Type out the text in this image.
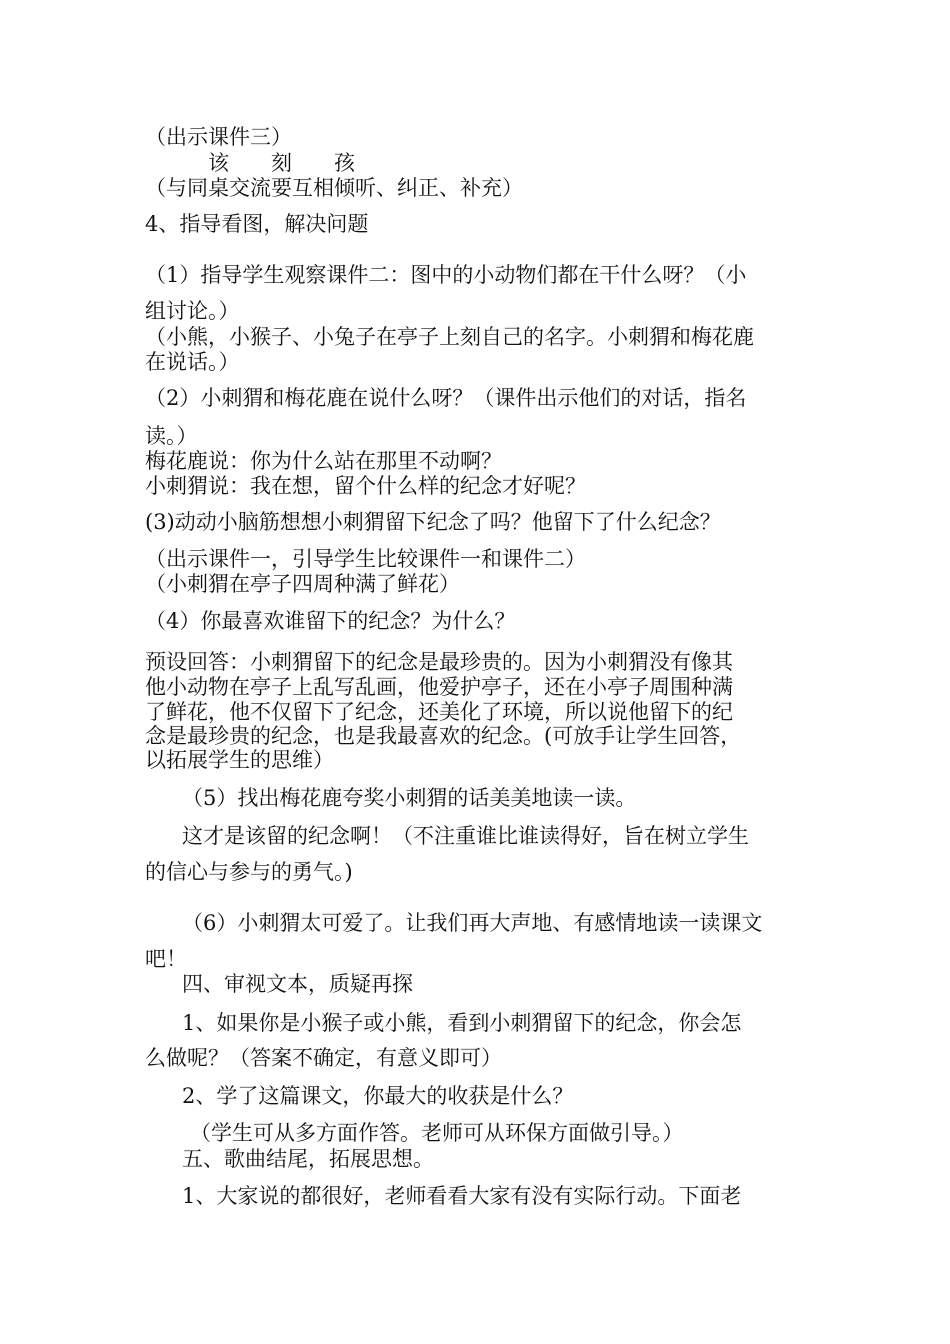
（出示课件三）
该　　刻　　孩
（与同桌交流要互相倾听、纠正、补充）
4、指导看图，解决问题
（1）指导学生观察课件二：图中的小动物们都在干什么呀？（小
组讨论。）
（小熊，小猴子、小兔子在亭子上刻自己的名字。小刺猬和梅花鹿
在说话。）
（2）小刺猬和梅花鹿在说什么呀？（课件出示他们的对话，指名
读。）
梅花鹿说：你为什么站在那里不动啊？
小刺猬说：我在想，留个什么样的纪念才好呢？
(3)动动小脑筋想想小刺猬留下纪念了吗？他留下了什么纪念？
（出示课件一，引导学生比较课件一和课件二）
（小刺猬在亭子四周种满了鲜花）
（4）你最喜欢谁留下的纪念？为什么？
预设回答：小刺猬留下的纪念是最珍贵的。因为小刺猬没有像其
他小动物在亭子上乱写乱画，他爱护亭子，还在小亭子周围种满
了鲜花，他不仅留下了纪念，还美化了环境，所以说他留下的纪
念是最珍贵的纪念，也是我最喜欢的纪念。(可放手让学生回答，
以拓展学生的思维）
（5）找出梅花鹿夸奖小刺猬的话美美地读一读。
这才是该留的纪念啊！（不注重谁比谁读得好，旨在树立学生
的信心与参与的勇气。)
（6）小刺猬太可爱了。让我们再大声地、有感情地读一读课文
吧！
四、审视文本，质疑再探
1、如果你是小猴子或小熊，看到小刺猬留下的纪念，你会怎
么做呢？（答案不确定，有意义即可）
2、学了这篇课文，你最大的收获是什么？
（学生可从多方面作答。老师可从环保方面做引导。）
五、歌曲结尾，拓展思想。
1、大家说的都很好，老师看看大家有没有实际行动。下面老
